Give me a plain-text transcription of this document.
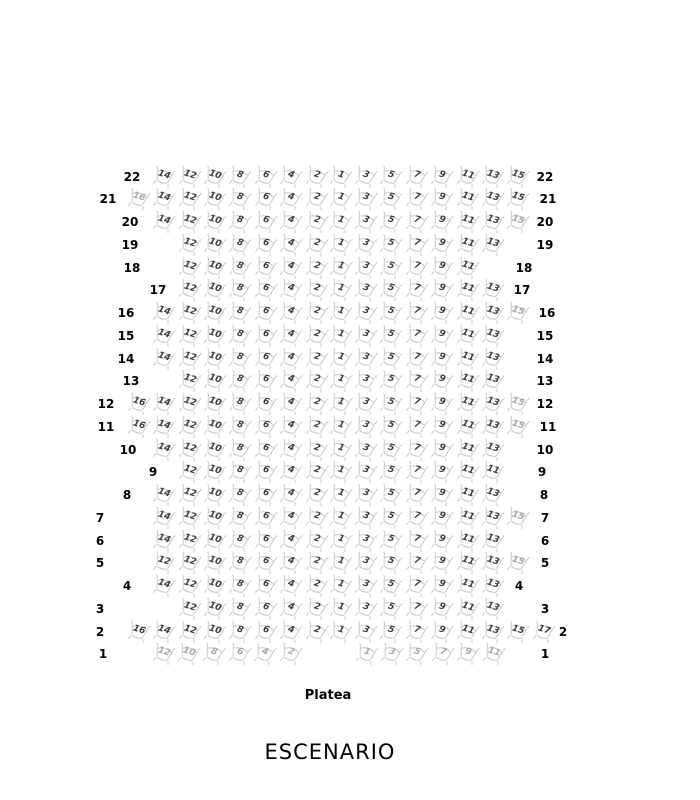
22	14	12	10	8	6	4	2	1	3	5	7	9	11	13	15 22
21	16	14	12	10	8	6	4	2	1	3	5	7	9	11	13	15	21
20	14	12	10	8	6	4	2	1	3	5	7	9	11	13	15 20
19	12	10	8	6	4	2	1	3	5	7	9	11	13	19
18	12	10	8	6	4	2	1	3	5	7	9	11	18
17	12	10	8	6	4	2	1	3	5	7	9	11	13	17
16	14	12	10	8	6	4	2	1	3	5	7	9	11	13	15	16
15	14	12	10	8	6	4	2	1	3	5	7	9	11	13	15
14	14	12	10	8	6	4	2	1	3	5	7	9	11	13	14
13	12	10	8	6	4	2	1	3	5	7	9	11	13	13
12	16	14	12	10	8	6	4	2	1	3	5	7	9	11	13	15 12
11	16	14	12	10	8	6	4	2	1	3	5	7	9	11	13	15	11
10	14	12	10	8	6	4	2	1	3	5	7	9	11	13	10
9	12	10	8	6	4	2	1	3	5	7	9	11	11	9
8	14	12	10	8	6	4	2	1	3	5	7	9	11	13	8
7	14	12	10	8	6	4	2	1	3	5	7	9	11	13	15	7
6	14	12	10	8	6	4	2	1	3	5	7	9	11	13	6
5	12	12	10	8	6	4	2	1	3	5	7	9	11	13	15	5
4	14	12	10	8	6	4	2	1	3	5	7	9	11	13	4
3	12	10	8	6	4	2	1	3	5	7	9	11	13	3
2	16	14	12	10	8	6	4	2	1	3	5	7	9	11	13	15	17 2
1	12	10	8	6	4	2	1	3	5	7	9	11	1
Platea
ESCENARIO
